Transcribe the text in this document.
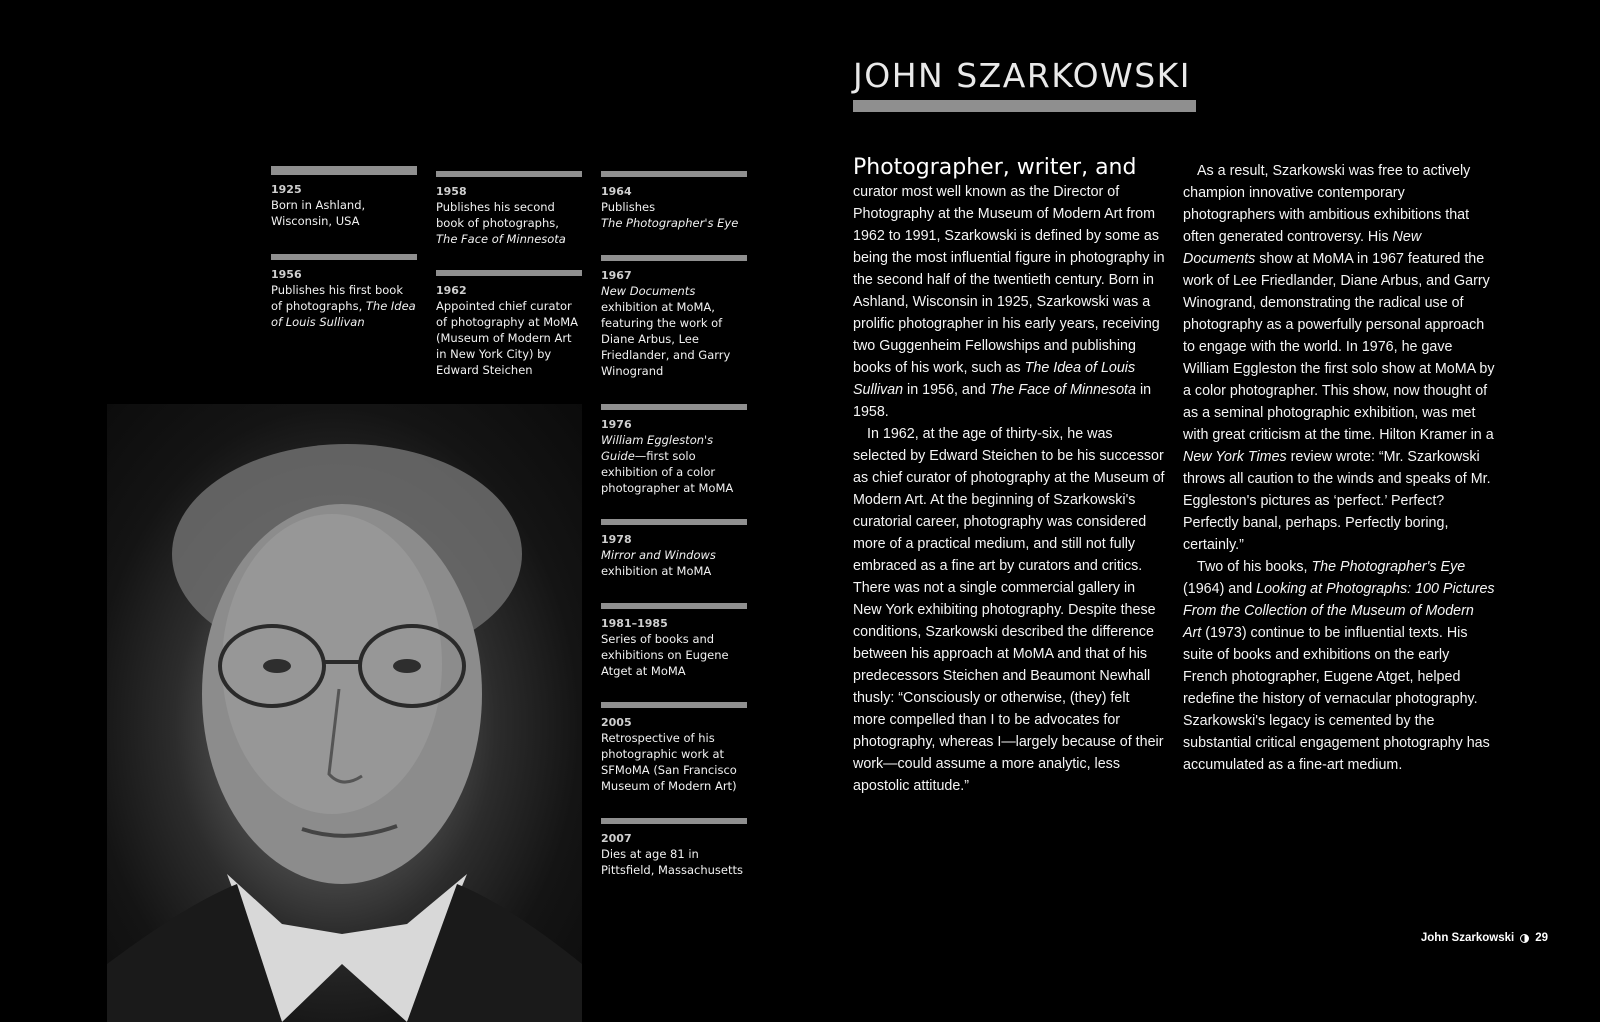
JOHN SZARKOWSKI
1925
Born in Ashland, Wisconsin, USA
1956
Publishes his first book of photographs, The Idea of Louis Sullivan
1958
Publishes his second book of photographs, The Face of Minnesota
1962
Appointed chief curator of photography at MoMA (Museum of Modern Art in New York City) by Edward Steichen
1964
Publishes
The Photographer's Eye
1967
New Documents exhibition at MoMA, featuring the work of Diane Arbus, Lee Friedlander, and Garry Winogrand
1976
William Eggleston's Guide—first solo exhibition of a color photographer at MoMA
1978
Mirror and Windows exhibition at MoMA
1981–1985
Series of books and exhibitions on Eugene Atget at MoMA
2005
Retrospective of his photographic work at SFMoMA (San Francisco Museum of Modern Art)
2007
Dies at age 81 in Pittsfield, Massachusetts

Photographer, writer, and
curator most well known as the Director of Photography at the Museum of Modern Art from 1962 to 1991, Szarkowski is defined by some as being the most influential figure in photography in the second half of the twentieth century. Born in Ashland, Wisconsin in 1925, Szarkowski was a prolific photographer in his early years, receiving two Guggenheim Fellowships and publishing books of his work, such as The Idea of Louis Sullivan in 1956, and The Face of Minnesota in 1958.

In 1962, at the age of thirty-six, he was selected by Edward Steichen to be his successor as chief curator of photography at the Museum of Modern Art. At the beginning of Szarkowski's curatorial career, photography was considered more of a practical medium, and still not fully embraced as a fine art by curators and critics. There was not a single commercial gallery in New York exhibiting photography. Despite these conditions, Szarkowski described the difference between his approach at MoMA and that of his predecessors Steichen and Beaumont Newhall thusly: “Consciously or otherwise, (they) felt more compelled than I to be advocates for photography, whereas I—largely because of their work—could assume a more analytic, less apostolic attitude.”

As a result, Szarkowski was free to actively champion innovative contemporary photographers with ambitious exhibitions that often generated controversy. His New Documents show at MoMA in 1967 featured the work of Lee Friedlander, Diane Arbus, and Garry Winogrand, demonstrating the radical use of photography as a powerfully personal approach to engage with the world. In 1976, he gave William Eggleston the first solo show at MoMA by a color photographer. This show, now thought of as a seminal photographic exhibition, was met with great criticism at the time. Hilton Kramer in a New York Times review wrote: “Mr. Szarkowski throws all caution to the winds and speaks of Mr. Eggleston's pictures as ‘perfect.’ Perfect? Perfectly banal, perhaps. Perfectly boring, certainly.”

Two of his books, The Photographer's Eye (1964) and Looking at Photographs: 100 Pictures From the Collection of the Museum of Modern Art (1973) continue to be influential texts. His suite of books and exhibitions on the early French photographer, Eugene Atget, helped redefine the history of vernacular photography. Szarkowski's legacy is cemented by the substantial critical engagement photography has accumulated as a fine-art medium.

John Szarkowski 29
